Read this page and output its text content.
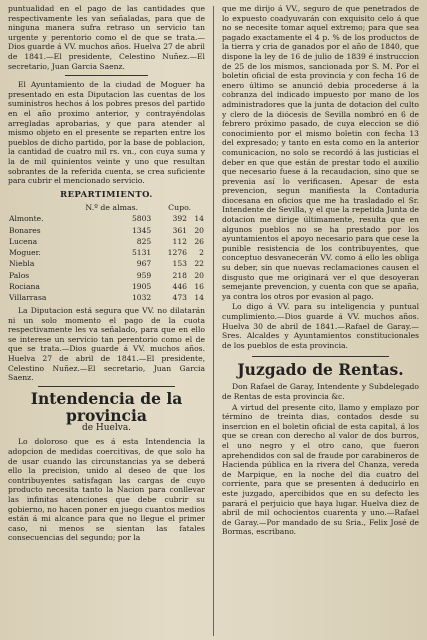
puntualidad en el pago de las cantidades que respectivamente les van señaladas, para que de ninguna manera sufra retraso un servicio tan urgente y perentorio como el de que se trata.—Dios guarde á VV. muchos años. Huelva 27 de abril de 1841.—El presidente, Celestino Nuñez.—El secretario, Juan Garcia Saenz.

El Ayuntamiento de la ciudad de Moguer ha presentado en esta Diputacion las cuentas de los suministros hechos á los pobres presos del partido en el año proximo anterior, y contrayéndolas arregladas aprobarias, y que para atender al mismo objeto en el presente se reparten entre los pueblos de dicho partido, por la base de poblacion, la cantidad de cuatro mil rs. vn., con cuya suma y la de mil quinientos veinte y uno que resultan sobrantes de la referida cuenta, se crea suficiente para cubrir el mencionado servicio.

REPARTIMIENTO.
	N.º de almas.	Cupo.	
Almonte.	5803	392	14
Bonares	1345	361	20
Lucena	825	112	26
Moguer.	5131	1276	2
Niebla	967	153	22
Palos	959	218	20
Rociana	1905	446	16
Villarrasa	1032	473	14

La Diputacion está segura que VV. no dilatarán ni un solo momento el pago de la cuota respectivamente les va señalado, para que en ello se interese un servicio tan perentorio como el de que se trata.—Dios guarde á VV. muchos años. Huelva 27 de abril de 1841.—El presidente, Celestino Nuñez.—El secretario, Juan Garcia Saenz.

Intendencia de la provincia
de Huelva.

Lo doloroso que es á esta Intendencia la adopcion de medidas coercitivas, de que solo ha de usar cuando las circunstancias ya se deberá ello la precision, unido al deseo de que los contribuyentes satisfagan las cargas de cuyo producto necesita tanto la Nacion para conllevar las infinitas atenciones que debe cubrir su gobierno, no hacen poner en juego cuantos medios están á mi alcance para que no llegue el primer caso, ni menos se sientan las fatales consecuencias del segundo; por la

que me dirijo á VV., seguro de que penetrados de lo expuesto coadyuvarán con exquisito celo á que no se necesite tomar aquel extremo; para que sea pagado exactamente el 4 p. % de los productos de la tierra y cria de ganados por el año de 1840, que dispone la ley de 16 de julio de 1839 é instruccion de 25 de los mismos, sancionada por S. M. Por el boletin oficial de esta provincia y con fecha 16 de enero último se anunció debia procederse á la cobranza del indicado impuesto por mano de los administradores que la junta de dotacion del culto y clero de la diócesis de Sevilla nombró en 6 de febrero próximo pasado, de cuya eleccion se dió conocimiento por el mismo boletin con fecha 13 del expresado; y tanto en esta como en la anterior comunicacion, no solo se recordó á las justicias el deber en que que están de prestar todo el auxilio que necesario fuese á la recaudacion, sino que se prevenia así lo verificasen. Apesar de esta prevencion, segun manifiesta la Contaduria diocesana en oficios que me ha trasladado el Sr. Intendente de Sevilla, y el que la repetida Junta de dotacion me dirige últimamente, resulta que en algunos pueblos no se ha prestado por los ayuntamientos el apoyo necesario para que cese la punible resistencia de los contribuyentes, que conceptuo desvanecerán VV. como á ello les obliga su deber, sin que nuevas reclamaciones causen el disgusto que me originará ver el que desoyeran semejante prevencion, y cuenta con que se apaña, ya contra los otros por evasion al pago.

Lo digo á VV. para su inteligencia y puntual cumplimiento.—Dios guarde á VV. muchos años. Huelva 30 de abril de 1841.—Rafael de Garay.—Sres. Alcaldes y Ayuntamientos constitucionales de los pueblos de esta provincia.

Juzgado de Rentas.

Don Rafael de Garay, Intendente y Subdelegado de Rentas de esta provincia &c.

A virtud del presente cito, llamo y emplazo por término de treinta dias, contados desde su insercion en el boletin oficial de esta capital, á los que se crean con derecho al valor de dos burros, el uno negro y el otro cano, que fueron aprehendidos con sal de fraude por carabineros de Hacienda pública en la rivera del Chanza, vereda de Marpique, en la noche del dia cuatro del corriente, para que se presenten á deducirlo en este juzgado, apercibidos que en su defecto les parará el perjuicio que haya lugar. Huelva diez de abril de mil ochocientos cuarenta y uno.—Rafael de Garay.—Por mandado de su Sria., Felix José de Bormas, escribano.
